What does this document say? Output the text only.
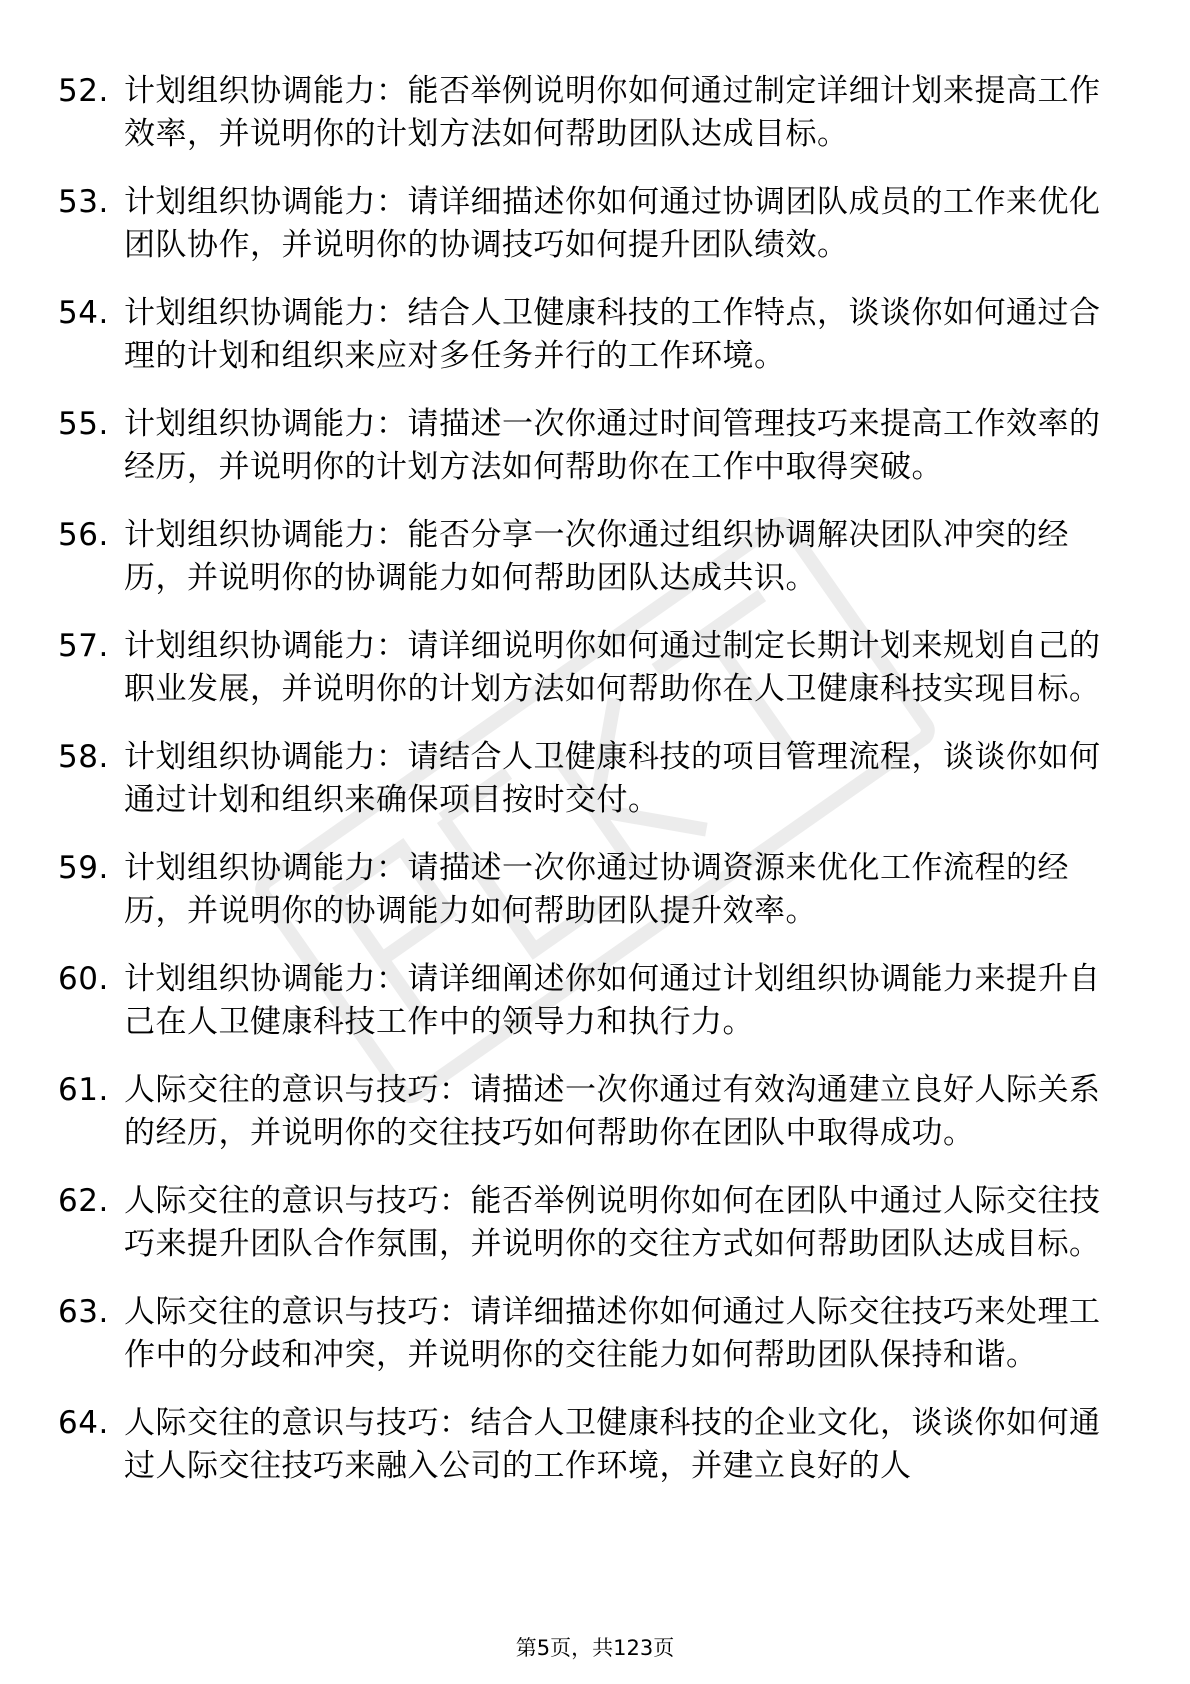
52. 计划组织协调能力：能否举例说明你如何通过制定详细计划来提高工作效率，并说明你的计划方法如何帮助团队达成目标。
53. 计划组织协调能力：请详细描述你如何通过协调团队成员的工作来优化团队协作，并说明你的协调技巧如何提升团队绩效。
54. 计划组织协调能力：结合人卫健康科技的工作特点，谈谈你如何通过合理的计划和组织来应对多任务并行的工作环境。
55. 计划组织协调能力：请描述一次你通过时间管理技巧来提高工作效率的经历，并说明你的计划方法如何帮助你在工作中取得突破。
56. 计划组织协调能力：能否分享一次你通过组织协调解决团队冲突的经历，并说明你的协调能力如何帮助团队达成共识。
57. 计划组织协调能力：请详细说明你如何通过制定长期计划来规划自己的职业发展，并说明你的计划方法如何帮助你在人卫健康科技实现目标。
58. 计划组织协调能力：请结合人卫健康科技的项目管理流程，谈谈你如何通过计划和组织来确保项目按时交付。
59. 计划组织协调能力：请描述一次你通过协调资源来优化工作流程的经历，并说明你的协调能力如何帮助团队提升效率。
60. 计划组织协调能力：请详细阐述你如何通过计划组织协调能力来提升自己在人卫健康科技工作中的领导力和执行力。
61. 人际交往的意识与技巧：请描述一次你通过有效沟通建立良好人际关系的经历，并说明你的交往技巧如何帮助你在团队中取得成功。
62. 人际交往的意识与技巧：能否举例说明你如何在团队中通过人际交往技巧来提升团队合作氛围，并说明你的交往方式如何帮助团队达成目标。
63. 人际交往的意识与技巧：请详细描述你如何通过人际交往技巧来处理工作中的分歧和冲突，并说明你的交往能力如何帮助团队保持和谐。
64. 人际交往的意识与技巧：结合人卫健康科技的企业文化，谈谈你如何通过人际交往技巧来融入公司的工作环境，并建立良好的人
第5页，共123页
